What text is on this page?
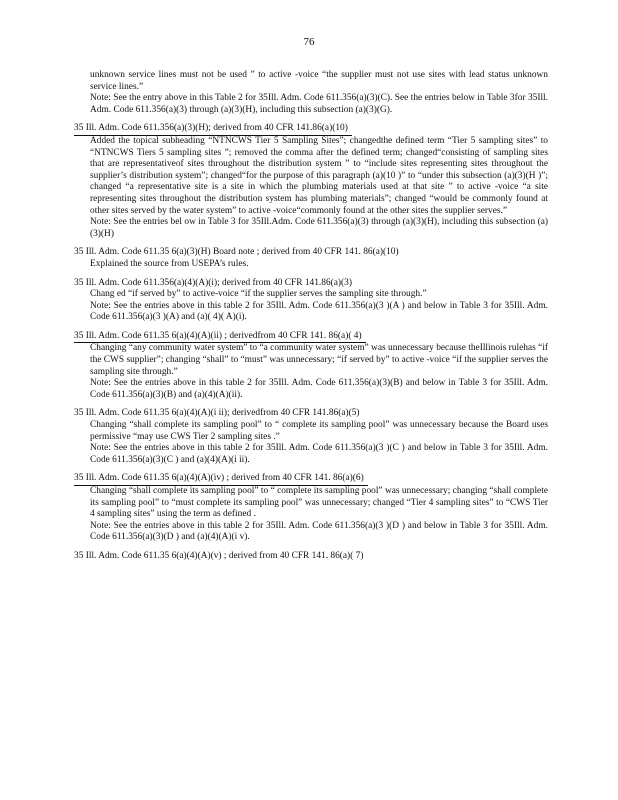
76
unknown service lines must not be used ” to active -voice “the supplier must not use sites with lead status unknown service lines.”
Note: See the entry above in this Table 2 for 35Ill. Adm. Code 611.356(a)(3)(C). See the entries below in Table 3for 35Ill. Adm. Code 611.356(a)(3) through (a)(3)(H), including this subsection (a)(3)(G).
35 Ill. Adm. Code 611.356(a)(3)(H); derived from 40 CFR 141.86(a)(10)
Added the topical subheading “NTNCWS Tier 5 Sampling Sites”; changedthe defined term “Tier 5 sampling sites” to “NTNCWS Tiers 5 sampling sites ”; removed the comma after the defined term; changed“consisting of sampling sites that are representativeof sites throughout the distribution system ” to “include sites representing sites throughout the supplier’s distribution system”; changed“for the purpose of this paragraph (a)(10 )” to “under this subsection (a)(3)(H )”; changed “a representative site is a site in which the plumbing materials used at that site ” to active -voice “a site representing sites throughout the distribution system has plumbing materials”; changed “would be commonly found at other sites served by the water system” to active -voice“commonly found at the other sites the supplier serves.”
Note: See the entries bel ow in Table 3 for 35Ill.Adm. Code 611.356(a)(3) through (a)(3)(H), including this subsection (a)(3)(H)
35 Ill. Adm. Code 611.35 6(a)(3)(H) Board note ; derived from 40 CFR 141. 86(a)(10)
Explained the source from USEPA’s rules.
35 Ill. Adm. Code 611.356(a)(4)(A)(i); derived from 40 CFR 141.86(a)(3)
Chang ed “if served by” to active-voice “if the supplier serves the sampling site through.”
Note: See the entries above in this table 2 for 35Ill. Adm. Code 611.356(a)(3 )(A ) and below in Table 3 for 35Ill. Adm. Code 611.356(a)(3 )(A) and (a)( 4)( A)(i).
35 Ill. Adm. Code 611.35 6(a)(4)(A)(ii) ; derivedfrom 40 CFR 141. 86(a)( 4)
Changing “any community water system” to “a community water system” was unnecessary because theIllinois rulehas “if the CWS supplier”; changing “shall” to “must” was unnecessary; “if served by” to active -voice “if the supplier serves the sampling site through.”
Note: See the entries above in this table 2 for 35Ill. Adm. Code 611.356(a)(3)(B) and below in Table 3 for 35Ill. Adm. Code 611.356(a)(3)(B) and (a)(4)(A)(ii).
35 Ill. Adm. Code 611.35 6(a)(4)(A)(i ii); derivedfrom 40 CFR 141.86(a)(5)
Changing “shall complete its sampling pool” to “ complete its sampling pool” was unnecessary because the Board uses permissive “may use CWS Tier 2 sampling sites .”
Note: See the entries above in this table 2 for 35Ill. Adm. Code 611.356(a)(3 )(C ) and below in Table 3 for 35Ill. Adm. Code 611.356(a)(3)(C ) and (a)(4)(A)(i ii).
35 Ill. Adm. Code 611.35 6(a)(4)(A)(iv) ; derived from 40 CFR 141. 86(a)(6)
Changing “shall complete its sampling pool” to “ complete its sampling pool” was unnecessary; changing “shall complete its sampling pool” to “must complete its sampling pool” was unnecessary; changed “Tier 4 sampling sites” to “CWS Tier 4 sampling sites” using the term as defined .
Note: See the entries above in this table 2 for 35Ill. Adm. Code 611.356(a)(3 )(D ) and below in Table 3 for 35Ill. Adm. Code 611.356(a)(3)(D ) and (a)(4)(A)(i v).
35 Ill. Adm. Code 611.35 6(a)(4)(A)(v) ; derived from 40 CFR 141. 86(a)( 7)
